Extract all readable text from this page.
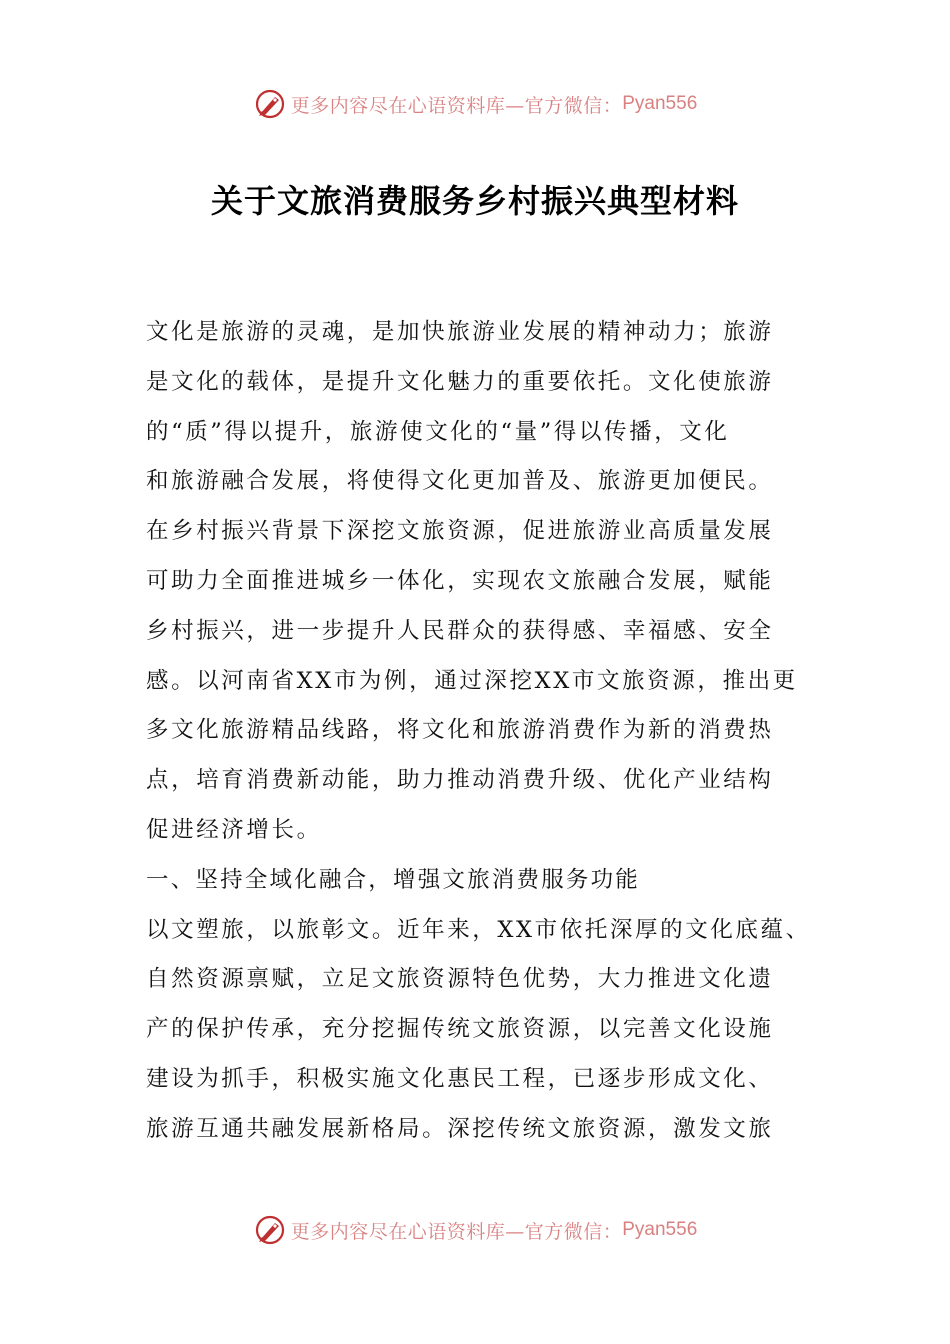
更多内容尽在心语资料库—官方微信： Pyan556
关于文旅消费服务乡村振兴典型材料
文化是旅游的灵魂，是加快旅游业发展的精神动力；旅游
是文化的载体，是提升文化魅力的重要依托。文化使旅游
的“质”得以提升，旅游使文化的“量”得以传播，文化
和旅游融合发展，将使得文化更加普及、旅游更加便民。
在乡村振兴背景下深挖文旅资源，促进旅游业高质量发展
可助力全面推进城乡一体化，实现农文旅融合发展，赋能
乡村振兴，进一步提升人民群众的获得感、幸福感、安全
感。以河南省XX市为例，通过深挖XX市文旅资源，推出更
多文化旅游精品线路，将文化和旅游消费作为新的消费热
点，培育消费新动能，助力推动消费升级、优化产业结构
促进经济增长。
一、坚持全域化融合，增强文旅消费服务功能
以文塑旅，以旅彰文。近年来，XX市依托深厚的文化底蕴、
自然资源禀赋，立足文旅资源特色优势，大力推进文化遗
产的保护传承，充分挖掘传统文旅资源，以完善文化设施
建设为抓手，积极实施文化惠民工程，已逐步形成文化、
旅游互通共融发展新格局。深挖传统文旅资源，激发文旅
更多内容尽在心语资料库—官方微信： Pyan556
